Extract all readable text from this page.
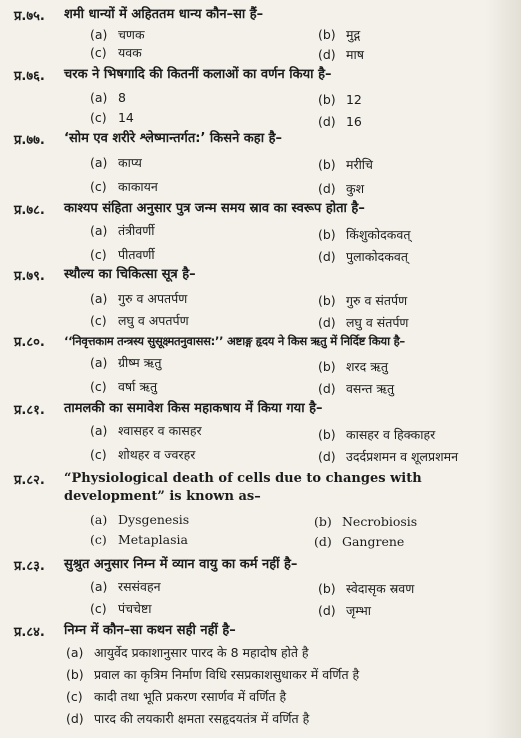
प्र.७५. शमी धान्यों में अहिततम धान्य कौन–सा हैं–
(a) चणक	(b) मुद्ग
(c) यवक	(d) माष
प्र.७६. चरक ने भिषगादि की कितनीं कलाओं का वर्णन किया है–
(a) 8	(b) 12
(c) 14	(d) 16
प्र.७७. ‘सोम एव शरीरे श्लेष्मान्तर्गत:’ किसने कहा है–
(a) काप्य	(b) मरीचि
(c) काकायन	(d) कुश
प्र.७८. काश्यप संहिता अनुसार पुत्र जन्म समय स्राव का स्वरूप होता है–
(a) तंत्रीवर्णी	(b) किंशुकोदकवत्
(c) पीतवर्णी	(d) पुलाकोदकवत्
प्र.७९. स्थौल्य का चिकित्सा सूत्र है–
(a) गुरु व अपतर्पण	(b) गुरु व संतर्पण
(c) लघु व अपतर्पण	(d) लघु व संतर्पण
प्र.८०. ‘‘निवृत्तकाम तन्त्रस्य सुसूक्ष्मतनुवासस:’’ अष्टाङ्ग हृदय ने किस ऋतु में निर्दिष्ट किया है–
(a) ग्रीष्म ऋतु	(b) शरद ऋतु
(c) वर्षा ऋतु	(d) वसन्त ऋतु
प्र.८१. तामलकी का समावेश किस महाकषाय में किया गया है–
(a) श्वासहर व कासहर	(b) कासहर व हिक्काहर
(c) शोथहर व ज्वरहर	(d) उदर्दप्रशमन व शूलप्रशमन
प्र.८२. “Physiological death of cells due to changes with development” is known as–
(a) Dysgenesis	(b) Necrobiosis
(c) Metaplasia	(d) Gangrene
प्र.८३. सुश्रुत अनुसार निम्न में व्यान वायु का कर्म नहीं है–
(a) रससंवहन	(b) स्वेदासृक स्रवण
(c) पंचचेष्टा	(d) जृम्भा
प्र.८४. निम्न में कौन–सा कथन सही नहीं है–
(a) आयुर्वेद प्रकाशानुसार पारद के 8 महादोष होते है
(b) प्रवाल का कृत्रिम निर्माण विधि रसप्रकाशसुधाकर में वर्णित है
(c) कादी तथा भूति प्रकरण रसार्णव में वर्णित है
(d) पारद की लयकारी क्षमता रसहृदयतंत्र में वर्णित है
